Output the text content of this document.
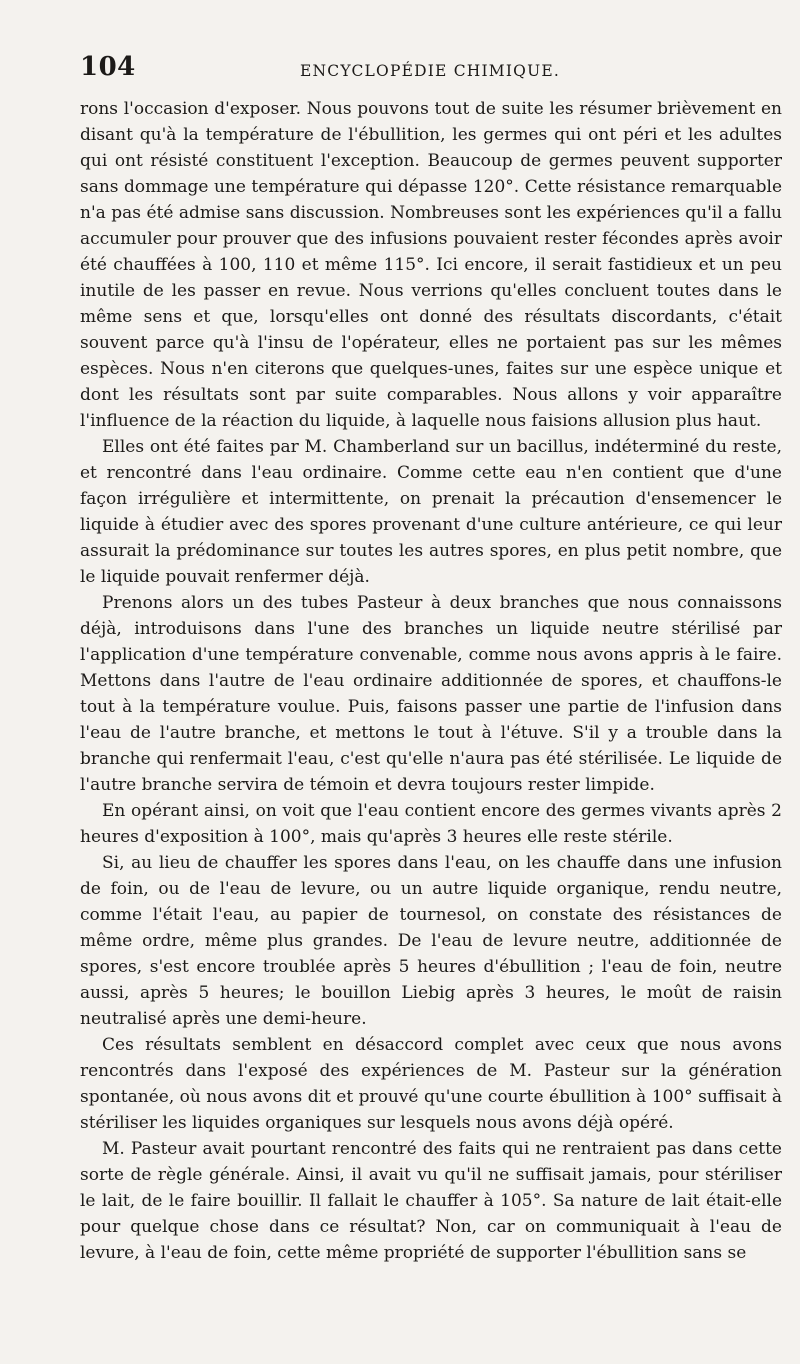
104	ENCYCLOPÉDIE CHIMIQUE.

rons l'occasion d'exposer. Nous pouvons tout de suite les résumer brièvement en disant qu'à la température de l'ébullition, les germes qui ont péri et les adultes qui ont résisté constituent l'exception. Beaucoup de germes peuvent supporter sans dommage une température qui dépasse 120°. Cette résistance remarquable n'a pas été admise sans discussion. Nombreuses sont les expériences qu'il a fallu accumuler pour prouver que des infusions pouvaient rester fécondes après avoir été chauffées à 100, 110 et même 115°. Ici encore, il serait fastidieux et un peu inutile de les passer en revue. Nous verrions qu'elles concluent toutes dans le même sens et que, lorsqu'elles ont donné des résultats discordants, c'était souvent parce qu'à l'insu de l'opérateur, elles ne portaient pas sur les mêmes espèces. Nous n'en citerons que quelques-unes, faites sur une espèce unique et dont les résultats sont par suite comparables. Nous allons y voir apparaître l'influence de la réaction du liquide, à laquelle nous faisions allusion plus haut.

Elles ont été faites par M. Chamberland sur un bacillus, indéterminé du reste, et rencontré dans l'eau ordinaire. Comme cette eau n'en contient que d'une façon irrégulière et intermittente, on prenait la précaution d'ensemencer le liquide à étudier avec des spores provenant d'une culture antérieure, ce qui leur assurait la prédominance sur toutes les autres spores, en plus petit nombre, que le liquide pouvait renfermer déjà.

Prenons alors un des tubes Pasteur à deux branches que nous connaissons déjà, introduisons dans l'une des branches un liquide neutre stérilisé par l'application d'une température convenable, comme nous avons appris à le faire. Mettons dans l'autre de l'eau ordinaire additionnée de spores, et chauffons-le tout à la température voulue. Puis, faisons passer une partie de l'infusion dans l'eau de l'autre branche, et mettons le tout à l'étuve. S'il y a trouble dans la branche qui renfermait l'eau, c'est qu'elle n'aura pas été stérilisée. Le liquide de l'autre branche servira de témoin et devra toujours rester limpide.

En opérant ainsi, on voit que l'eau contient encore des germes vivants après 2 heures d'exposition à 100°, mais qu'après 3 heures elle reste stérile.

Si, au lieu de chauffer les spores dans l'eau, on les chauffe dans une infusion de foin, ou de l'eau de levure, ou un autre liquide organique, rendu neutre, comme l'était l'eau, au papier de tournesol, on constate des résistances de même ordre, même plus grandes. De l'eau de levure neutre, additionnée de spores, s'est encore troublée après 5 heures d'ébullition ; l'eau de foin, neutre aussi, après 5 heures; le bouillon Liebig après 3 heures, le moût de raisin neutralisé après une demi-heure.

Ces résultats semblent en désaccord complet avec ceux que nous avons rencontrés dans l'exposé des expériences de M. Pasteur sur la génération spontanée, où nous avons dit et prouvé qu'une courte ébullition à 100° suffisait à stériliser les liquides organiques sur lesquels nous avons déjà opéré.

M. Pasteur avait pourtant rencontré des faits qui ne rentraient pas dans cette sorte de règle générale. Ainsi, il avait vu qu'il ne suffisait jamais, pour stériliser le lait, de le faire bouillir. Il fallait le chauffer à 105°. Sa nature de lait était-elle pour quelque chose dans ce résultat? Non, car on communiquait à l'eau de levure, à l'eau de foin, cette même propriété de supporter l'ébullition sans se
